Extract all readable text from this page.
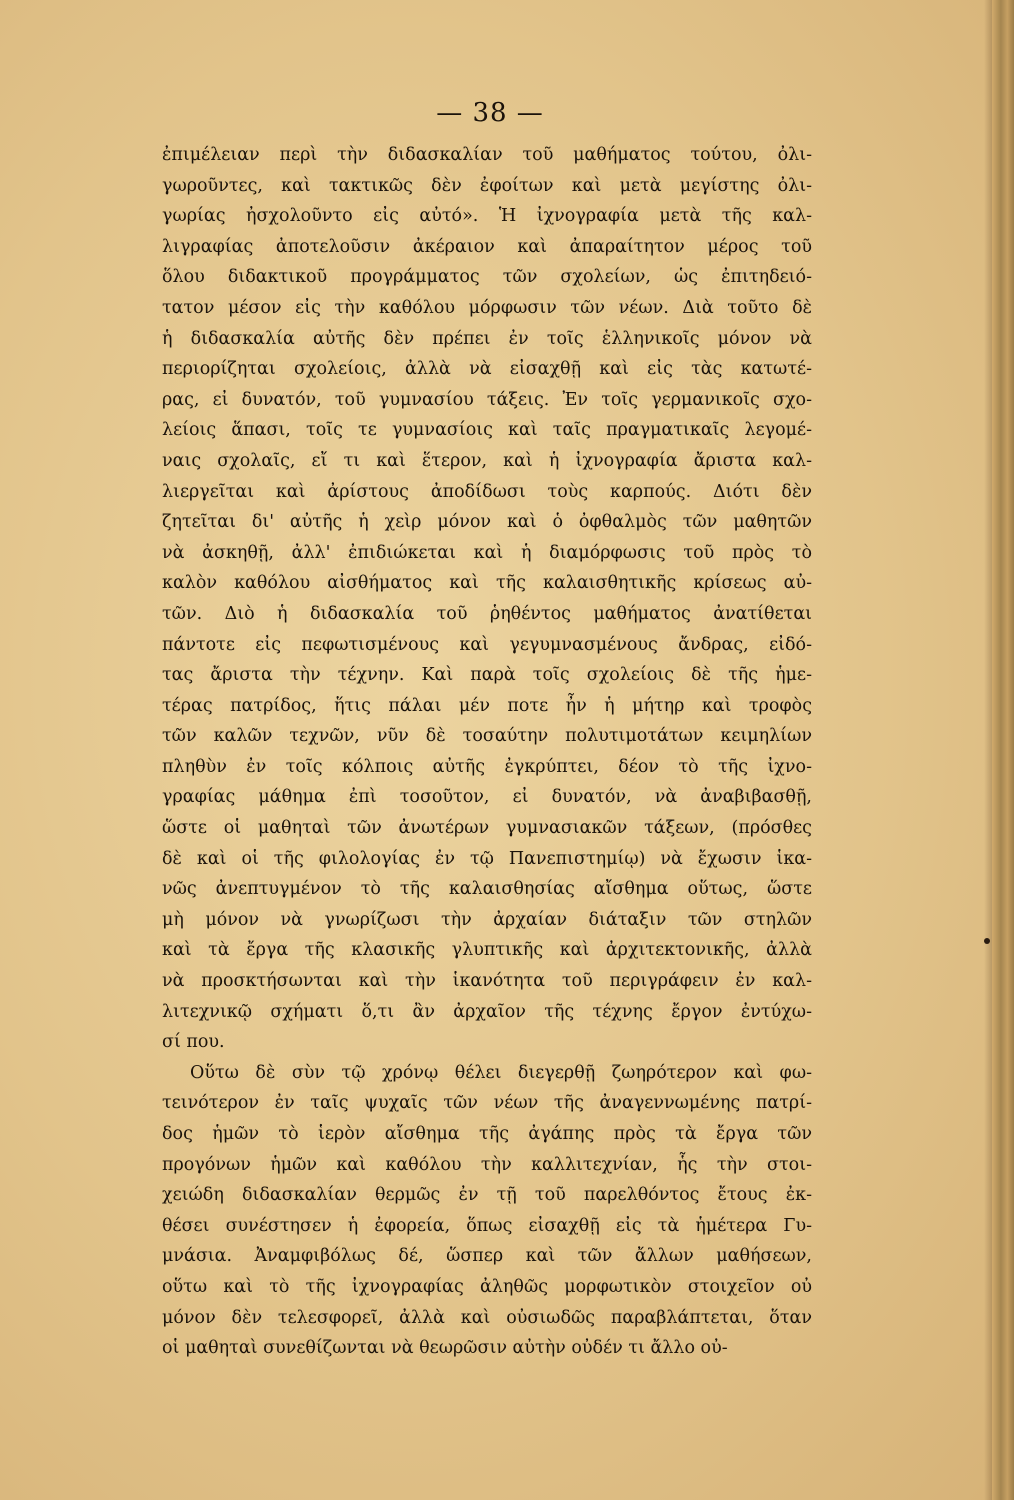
— 38 —
ἐπιμέλειαν περὶ τὴν διδασκαλίαν τοῦ μαθήματος τούτου, ὀλι-
γωροῦντες, καὶ τακτικῶς δὲν ἐφοίτων καὶ μετὰ μεγίστης ὀλι-
γωρίας ἠσχολοῦντο εἰς αὐτό». Ἡ ἰχνογραφία μετὰ τῆς καλ-
λιγραφίας ἀποτελοῦσιν ἀκέραιον καὶ ἀπαραίτητον μέρος τοῦ
ὅλου διδακτικοῦ προγράμματος τῶν σχολείων, ὡς ἐπιτηδειό-
τατον μέσον εἰς τὴν καθόλου μόρφωσιν τῶν νέων. Διὰ τοῦτο δὲ
ἡ διδασκαλία αὐτῆς δὲν πρέπει ἐν τοῖς ἑλληνικοῖς μόνον νὰ
περιορίζηται σχολείοις, ἀλλὰ νὰ εἰσαχθῇ καὶ εἰς τὰς κατωτέ-
ρας, εἰ δυνατόν, τοῦ γυμνασίου τάξεις. Ἐν τοῖς γερμανικοῖς σχο-
λείοις ἅπασι, τοῖς τε γυμνασίοις καὶ ταῖς πραγματικαῖς λεγομέ-
ναις σχολαῖς, εἴ τι καὶ ἕτερον, καὶ ἡ ἰχνογραφία ἄριστα καλ-
λιεργεῖται καὶ ἀρίστους ἀποδίδωσι τοὺς καρπούς. Διότι δὲν
ζητεῖται δι' αὐτῆς ἡ χεὶρ μόνον καὶ ὁ ὀφθαλμὸς τῶν μαθητῶν
νὰ ἀσκηθῇ, ἀλλ' ἐπιδιώκεται καὶ ἡ διαμόρφωσις τοῦ πρὸς τὸ
καλὸν καθόλου αἰσθήματος καὶ τῆς καλαισθητικῆς κρίσεως αὐ-
τῶν. Διὸ ἡ διδασκαλία τοῦ ῥηθέντος μαθήματος ἀνατίθεται
πάντοτε εἰς πεφωτισμένους καὶ γεγυμνασμένους ἄνδρας, εἰδό-
τας ἄριστα τὴν τέχνην. Καὶ παρὰ τοῖς σχολείοις δὲ τῆς ἡμε-
τέρας πατρίδος, ἥτις πάλαι μέν ποτε ἦν ἡ μήτηρ καὶ τροφὸς
τῶν καλῶν τεχνῶν, νῦν δὲ τοσαύτην πολυτιμοτάτων κειμηλίων
πληθὺν ἐν τοῖς κόλποις αὐτῆς ἐγκρύπτει, δέον τὸ τῆς ἰχνο-
γραφίας μάθημα ἐπὶ τοσοῦτον, εἰ δυνατόν, νὰ ἀναβιβασθῇ,
ὥστε οἱ μαθηταὶ τῶν ἀνωτέρων γυμνασιακῶν τάξεων, (πρόσθες
δὲ καὶ οἱ τῆς φιλολογίας ἐν τῷ Πανεπιστημίῳ) νὰ ἔχωσιν ἱκα-
νῶς ἀνεπτυγμένον τὸ τῆς καλαισθησίας αἴσθημα οὕτως, ὥστε
μὴ μόνον νὰ γνωρίζωσι τὴν ἀρχαίαν διάταξιν τῶν στηλῶν
καὶ τὰ ἔργα τῆς κλασικῆς γλυπτικῆς καὶ ἀρχιτεκτονικῆς, ἀλλὰ
νὰ προσκτήσωνται καὶ τὴν ἱκανότητα τοῦ περιγράφειν ἐν καλ-
λιτεχνικῷ σχήματι ὅ,τι ἂν ἀρχαῖον τῆς τέχνης ἔργον ἐντύχω-
σί που.
Οὕτω δὲ σὺν τῷ χρόνῳ θέλει διεγερθῇ ζωηρότερον καὶ φω-
τεινότερον ἐν ταῖς ψυχαῖς τῶν νέων τῆς ἀναγεννωμένης πατρί-
δος ἡμῶν τὸ ἱερὸν αἴσθημα τῆς ἀγάπης πρὸς τὰ ἔργα τῶν
προγόνων ἡμῶν καὶ καθόλου τὴν καλλιτεχνίαν, ἧς τὴν στοι-
χειώδη διδασκαλίαν θερμῶς ἐν τῇ τοῦ παρελθόντος ἔτους ἐκ-
θέσει συνέστησεν ἡ ἐφορεία, ὅπως εἰσαχθῇ εἰς τὰ ἡμέτερα Γυ-
μνάσια. Ἀναμφιβόλως δέ, ὥσπερ καὶ τῶν ἄλλων μαθήσεων,
οὕτω καὶ τὸ τῆς ἰχνογραφίας ἀληθῶς μορφωτικὸν στοιχεῖον οὐ
μόνον δὲν τελεσφορεῖ, ἀλλὰ καὶ οὐσιωδῶς παραβλάπτεται, ὅταν
οἱ μαθηταὶ συνεθίζωνται νὰ θεωρῶσιν αὐτὴν οὐδέν τι ἄλλο οὐ-
